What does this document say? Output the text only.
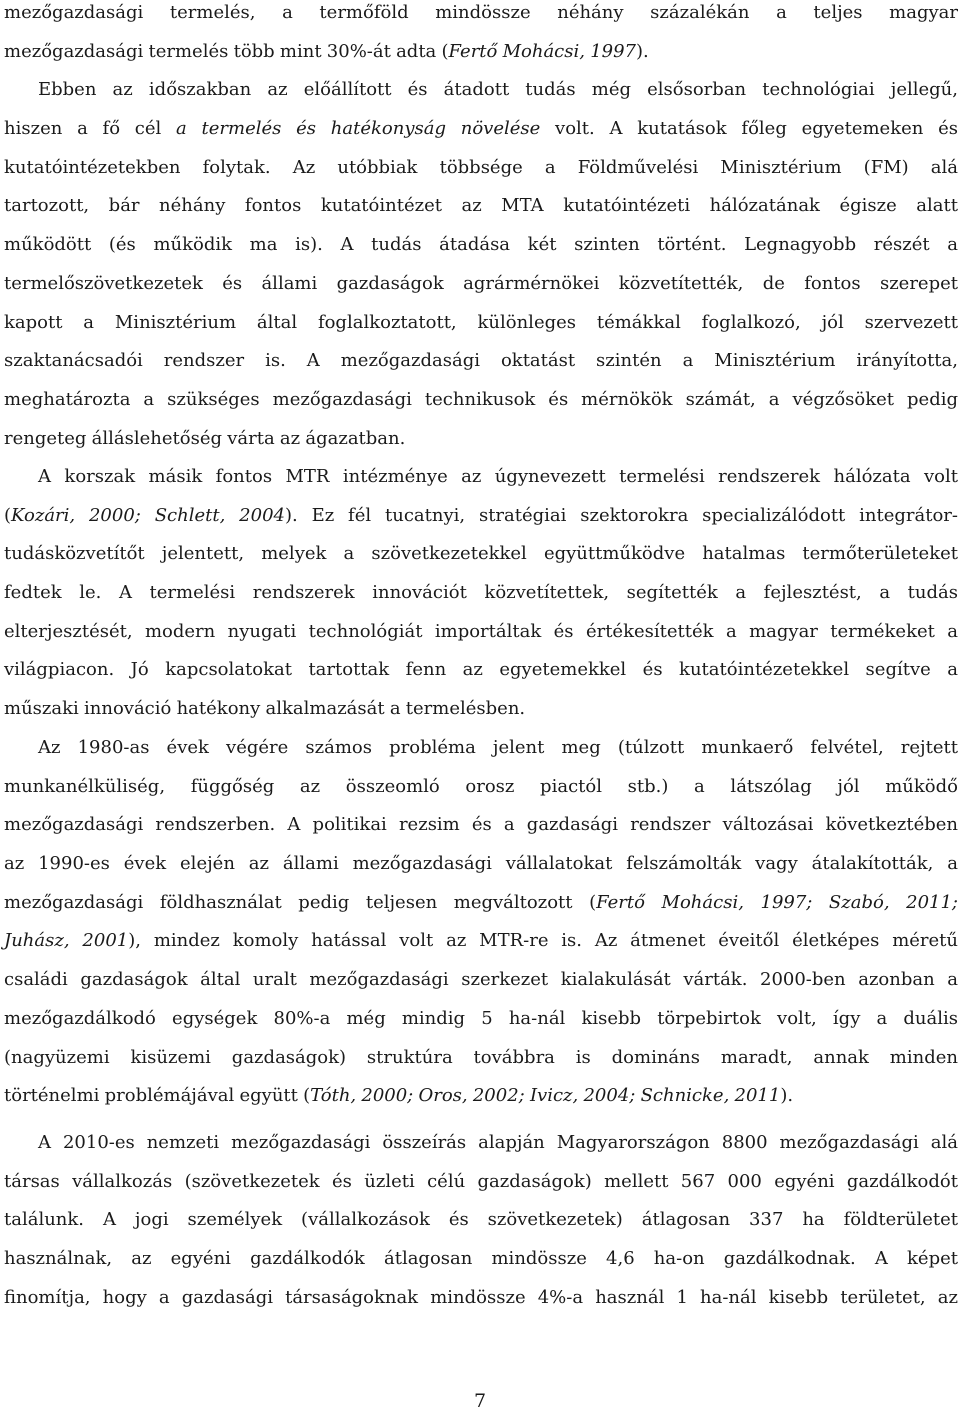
mezőgazdasági termelés, a termőföld mindössze néhány százalékán a teljes magyar
mezőgazdasági termelés több mint 30%-át adta (Fertő Mohácsi, 1997).
Ebben az időszakban az előállított és átadott tudás még elsősorban technológiai jellegű,
hiszen a fő cél a termelés és hatékonyság növelése volt. A kutatások főleg egyetemeken és
kutatóintézetekben folytak. Az utóbbiak többsége a Földművelési Minisztérium (FM) alá
tartozott, bár néhány fontos kutatóintézet az MTA kutatóintézeti hálózatának égisze alatt
működött (és működik ma is). A tudás átadása két szinten történt. Legnagyobb részét a
termelőszövetkezetek és állami gazdaságok agrármérnökei közvetítették, de fontos szerepet
kapott a Minisztérium által foglalkoztatott, különleges témákkal foglalkozó, jól szervezett
szaktanácsadói rendszer is. A mezőgazdasági oktatást szintén a Minisztérium irányította,
meghatározta a szükséges mezőgazdasági technikusok és mérnökök számát, a végzősöket pedig
rengeteg álláslehetőség várta az ágazatban.
A korszak másik fontos MTR intézménye az úgynevezett termelési rendszerek hálózata volt
(Kozári, 2000; Schlett, 2004). Ez fél tucatnyi, stratégiai szektorokra specializálódott integrátor-
tudásközvetítőt jelentett, melyek a szövetkezetekkel együttműködve hatalmas termőterületeket
fedtek le. A termelési rendszerek innovációt közvetítettek, segítették a fejlesztést, a tudás
elterjesztését, modern nyugati technológiát importáltak és értékesítették a magyar termékeket a
világpiacon. Jó kapcsolatokat tartottak fenn az egyetemekkel és kutatóintézetekkel segítve a
műszaki innováció hatékony alkalmazását a termelésben.
Az 1980-as évek végére számos probléma jelent meg (túlzott munkaerő felvétel, rejtett
munkanélküliség, függőség az összeomló orosz piactól stb.) a látszólag jól működő
mezőgazdasági rendszerben. A politikai rezsim és a gazdasági rendszer változásai következtében
az 1990-es évek elején az állami mezőgazdasági vállalatokat felszámolták vagy átalakították, a
mezőgazdasági földhasználat pedig teljesen megváltozott (Fertő Mohácsi, 1997; Szabó, 2011;
Juhász, 2001), mindez komoly hatással volt az MTR-re is. Az átmenet éveitől életképes méretű
családi gazdaságok által uralt mezőgazdasági szerkezet kialakulását várták. 2000-ben azonban a
mezőgazdálkodó egységek 80%-a még mindig 5 ha-nál kisebb törpebirtok volt, így a duális
(nagyüzemi kisüzemi gazdaságok) struktúra továbbra is domináns maradt, annak minden
történelmi problémájával együtt (Tóth, 2000; Oros, 2002; Ivicz, 2004; Schnicke, 2011).
A 2010-es nemzeti mezőgazdasági összeírás alapján Magyarországon 8800 mezőgazdasági alá
társas vállalkozás (szövetkezetek és üzleti célú gazdaságok) mellett 567 000 egyéni gazdálkodót
találunk. A jogi személyek (vállalkozások és szövetkezetek) átlagosan 337 ha földterületet
használnak, az egyéni gazdálkodók átlagosan mindössze 4,6 ha-on gazdálkodnak. A képet
finomítja, hogy a gazdasági társaságoknak mindössze 4%-a használ 1 ha-nál kisebb területet, az
7
